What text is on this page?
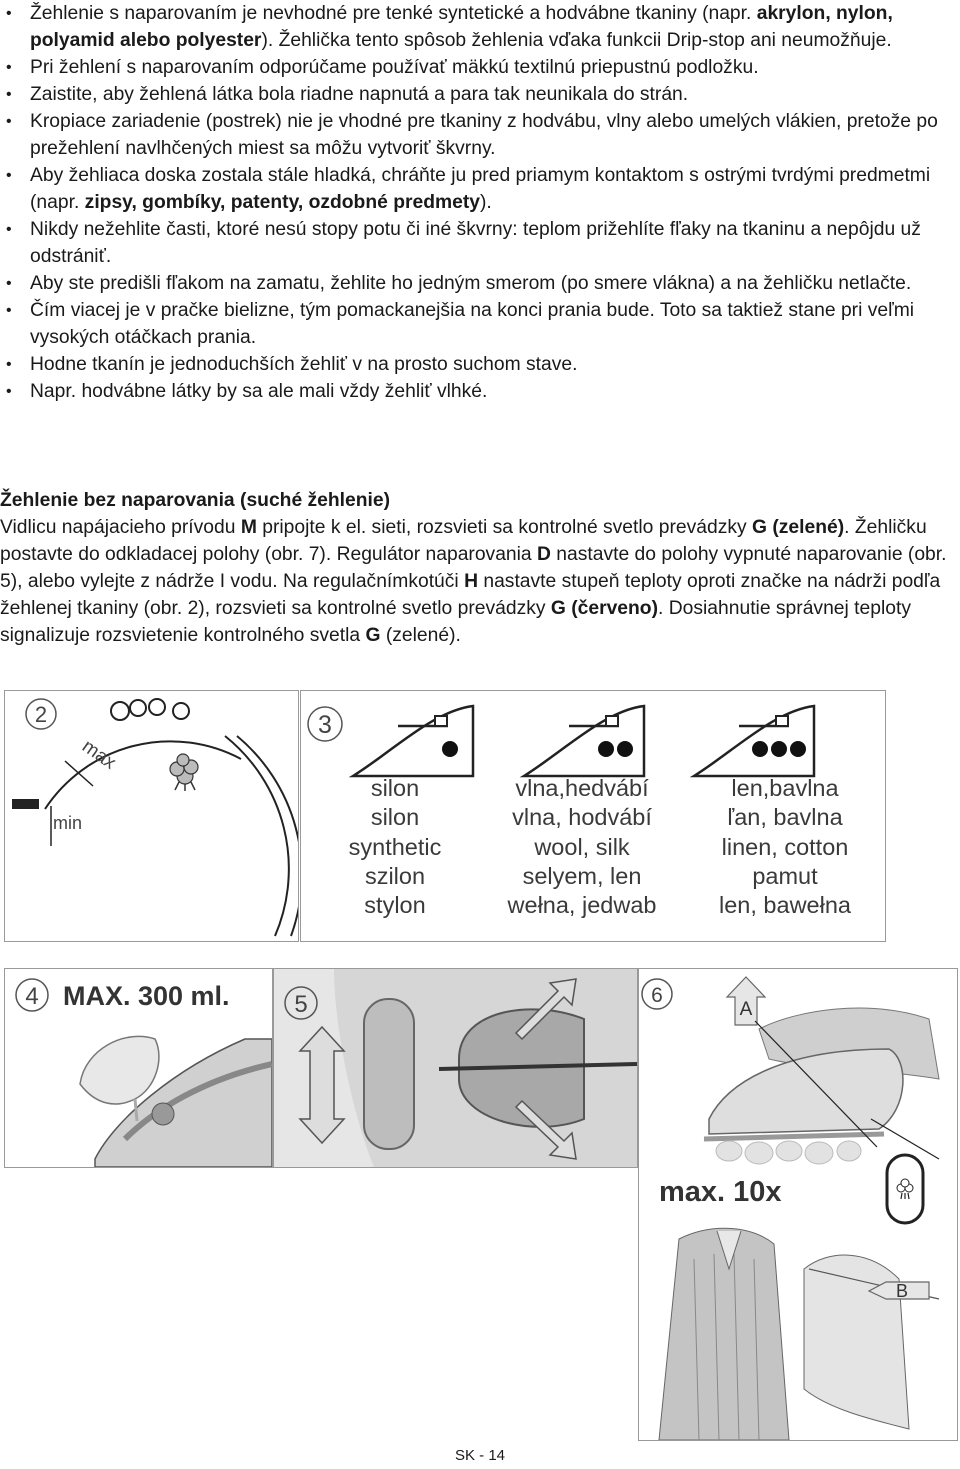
• Žehlenie s naparovaním je nevhodné pre tenké syntetické a hodvábne tkaniny (napr. akrylon, nylon, polyamid alebo polyester). Žehlička tento spôsob žehlenia vďaka funkcii Drip-stop ani neumožňuje.
• Pri žehlení s naparovaním odporúčame používať mäkkú textilnú priepustnú podložku.
• Zaistite, aby žehlená látka bola riadne napnutá a para tak neunikala do strán.
• Kropiace zariadenie (postrek) nie je vhodné pre tkaniny z hodvábu, vlny alebo umelých vlákien, pretože po prežehlení navlhčených miest sa môžu vytvoriť škvrny.
• Aby žehliaca doska zostala stále hladká, chráňte ju pred priamym kontaktom s ostrými tvrdými predmetmi (napr. zipsy, gombíky, patenty, ozdobné predmety).
• Nikdy nežehlite časti, ktoré nesú stopy potu či iné škvrny: teplom prižehlíte fľaky na tkaninu a nepôjdu už odstrániť.
• Aby ste predišli fľakom na zamatu, žehlite ho jedným smerom (po smere vlákna) a na žehličku netlačte.
• Čím viacej je v pračke bielizne, tým pomackanejšia na konci prania bude. Toto sa taktiež stane pri veľmi vysokých otáčkach prania.
• Hodne tkanín je jednoduchších žehliť v na prosto suchom stave.
• Napr. hodvábne látky by sa ale mali vždy žehliť vlhké.
Žehlenie bez naparovania (suché žehlenie)
Vidlicu napájacieho prívodu M pripojte k el. sieti, rozsvieti sa kontrolné svetlo prevádzky G (zelené). Žehličku postavte do odkladacej polohy (obr. 7). Regulátor naparovania D nastavte do polohy vypnuté naparovanie (obr. 5), alebo vylejte z nádrže I vodu. Na regulačnímkotúči H nastavte stupeň teploty oproti značke na nádrži podľa žehlenej tkaniny (obr. 2), rozsvieti sa kontrolné svetlo prevádzky G (červeno). Dosiahnutie správnej teploty signalizuje rozsvietenie kontrolného svetla G (zelené).
2
max
min
3
silon
silon
synthetic
szilon
stylon
vlna,hedvábí
vlna, hodvábí
wool, silk
selyem, len
wełna, jedwab
len,bavlna
ľan, bavlna
linen, cotton
pamut
len, bawełna
4 MAX. 300 ml.	5	6
A
max. 10x
B
SK - 14
